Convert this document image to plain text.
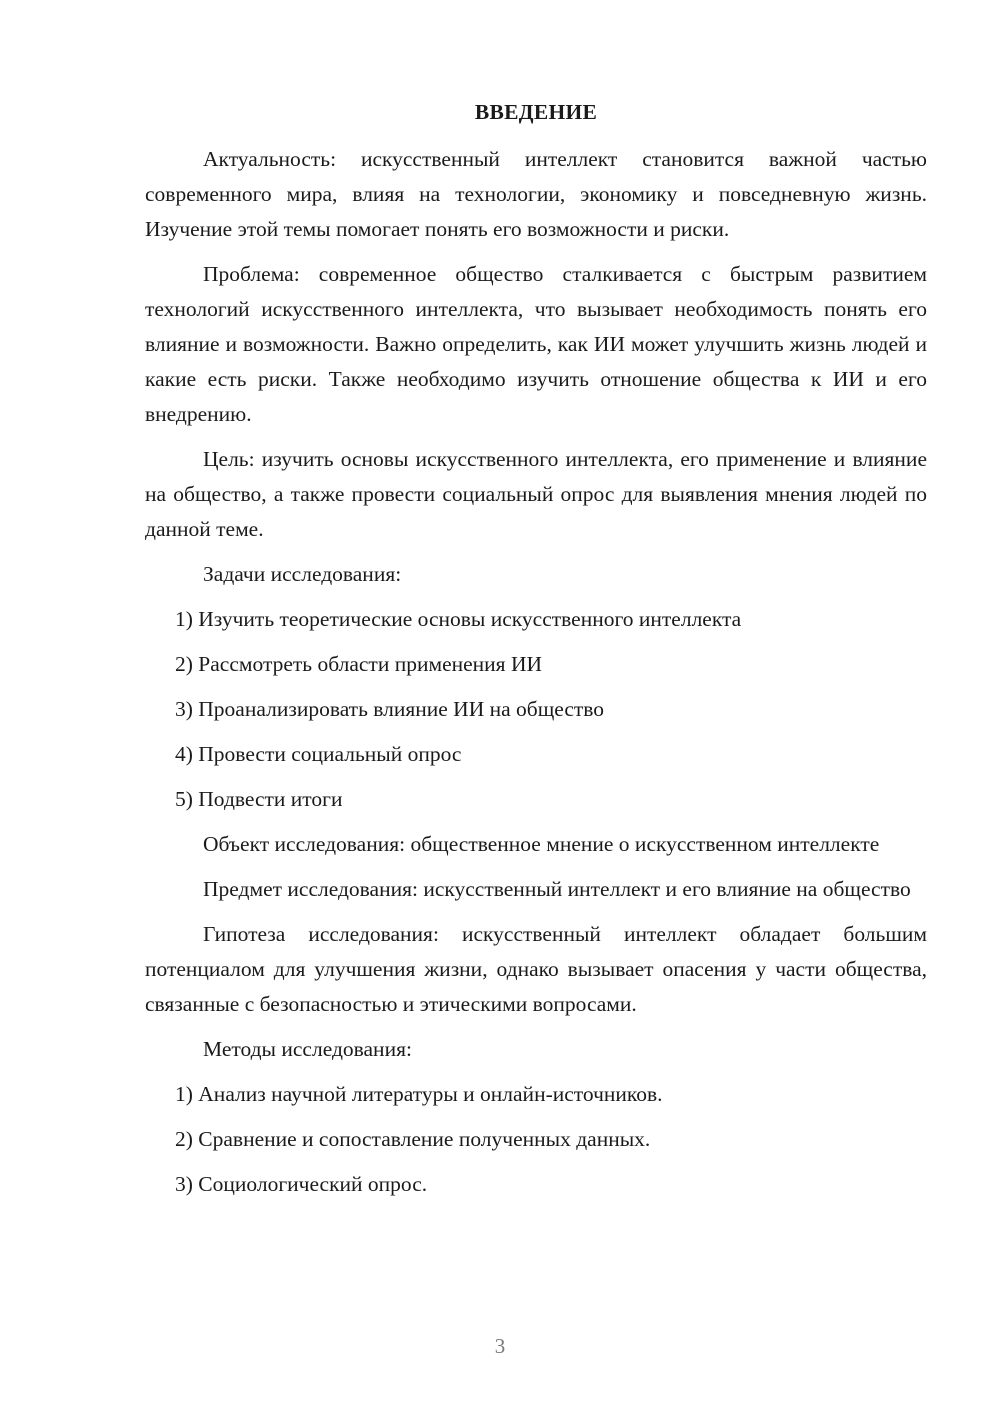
ВВЕДЕНИЕ

Актуальность: искусственный интеллект становится важной частью современного мира, влияя на технологии, экономику и повседневную жизнь. Изучение этой темы помогает понять его возможности и риски.

Проблема: современное общество сталкивается с быстрым развитием технологий искусственного интеллекта, что вызывает необходимость понять его влияние и возможности. Важно определить, как ИИ может улучшить жизнь людей и какие есть риски. Также необходимо изучить отношение общества к ИИ и его внедрению.

Цель: изучить основы искусственного интеллекта, его применение и влияние на общество, а также провести социальный опрос для выявления мнения людей по данной теме.

Задачи исследования:

1) Изучить теоретические основы искусственного интеллекта
2) Рассмотреть области применения ИИ
3) Проанализировать влияние ИИ на общество
4) Провести социальный опрос
5) Подвести итоги

Объект исследования: общественное мнение о искусственном интеллекте

Предмет исследования: искусственный интеллект и его влияние на общество

Гипотеза исследования: искусственный интеллект обладает большим потенциалом для улучшения жизни, однако вызывает опасения у части общества, связанные с безопасностью и этическими вопросами.

Методы исследования:

1) Анализ научной литературы и онлайн-источников.
2) Сравнение и сопоставление полученных данных.
3) Социологический опрос.
3
